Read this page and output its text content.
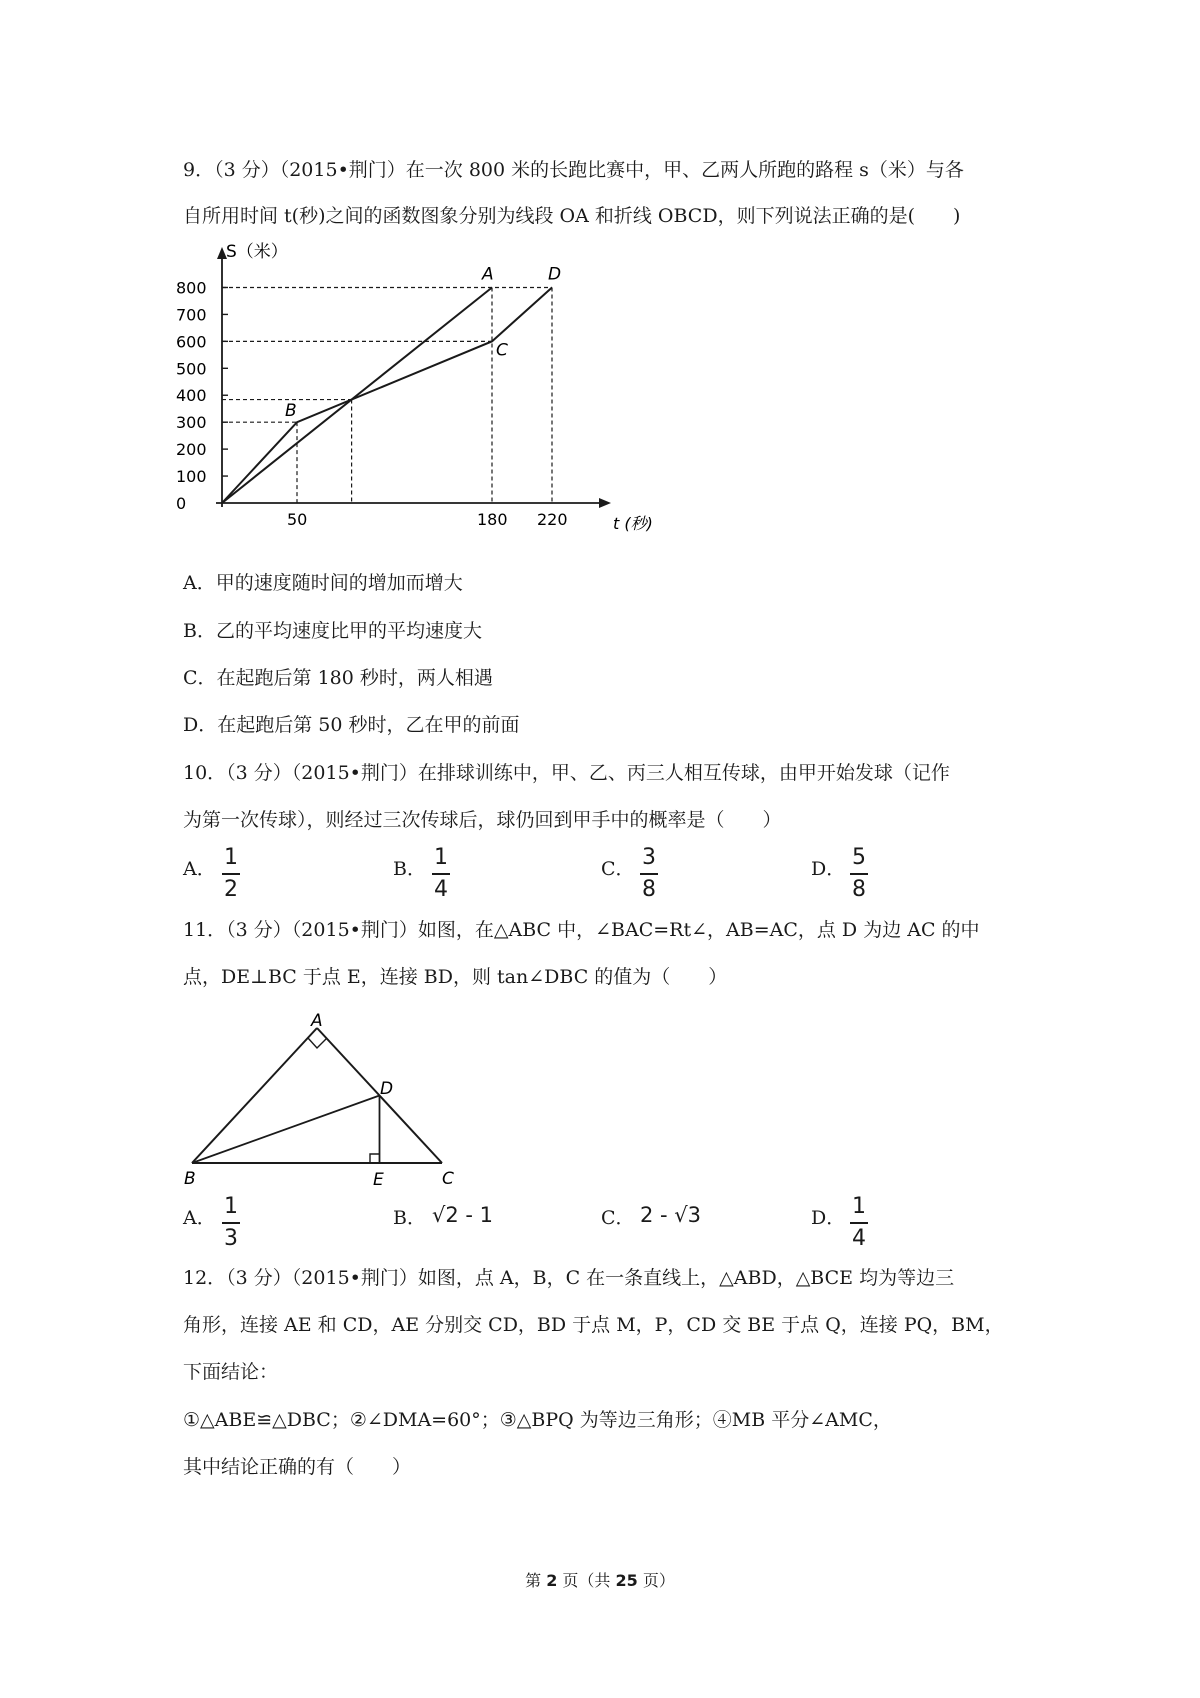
9．（3 分）（2015•荆门）在一次 800 米的长跑比赛中，甲、乙两人所跑的路程 s（米）与各
自所用时间 t(秒)之间的函数图象分别为线段 OA 和折线 OBCD，则下列说法正确的是(　　)
0
100
200
300
400
500
600
700
800
50	180 220
S（米）
t (秒)
A
B
C
D
A．甲的速度随时间的增加而增大
B．乙的平均速度比甲的平均速度大
C．在起跑后第 180 秒时，两人相遇
D．在起跑后第 50 秒时，乙在甲的前面
10．（3 分）（2015•荆门）在排球训练中，甲、乙、丙三人相互传球，由甲开始发球（记作
为第一次传球），则经过三次传球后，球仍回到甲手中的概率是（　　）
A． 1
2
B． 1
4
C． 3
8
D． 5
8
11．（3 分）（2015•荆门）如图，在△ABC 中，∠BAC=Rt∠，AB=AC，点 D 为边 AC 的中
点，DE⊥BC 于点 E，连接 BD，则 tan∠DBC 的值为（　　）
A
D
B	E	C
A． 1
3
B． √2 - 1	C． 2 - √3	D． 1
4
12．（3 分）（2015•荆门）如图，点 A，B，C 在一条直线上，△ABD，△BCE 均为等边三
角形，连接 AE 和 CD，AE 分别交 CD，BD 于点 M，P，CD 交 BE 于点 Q，连接 PQ，BM，
下面结论：
①△ABE≌△DBC；②∠DMA=60°；③△BPQ 为等边三角形；④MB 平分∠AMC，
其中结论正确的有（　　）
第 2 页（共 25 页）
